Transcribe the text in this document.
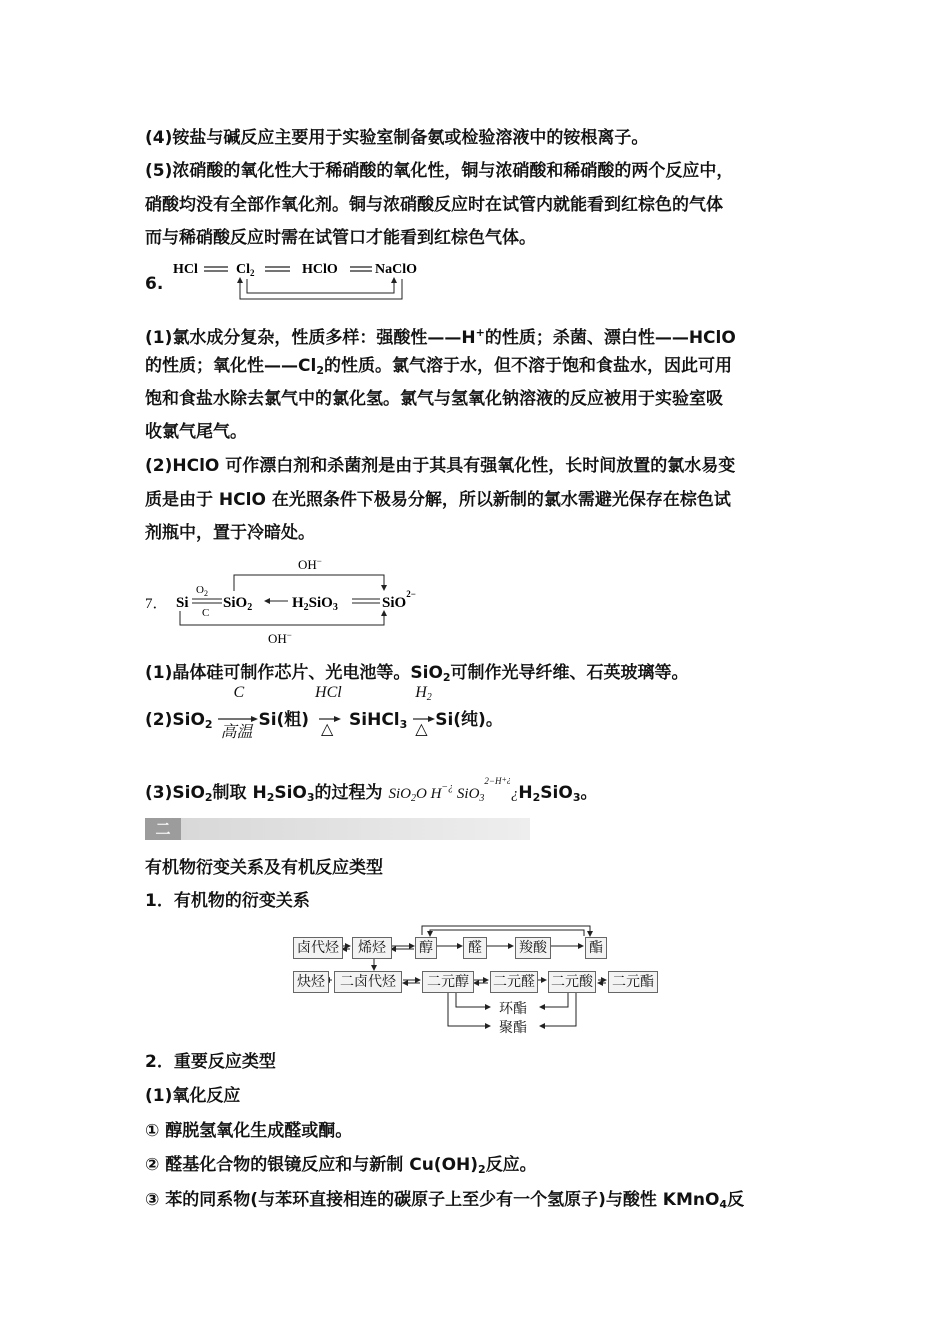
(4)铵盐与碱反应主要用于实验室制备氨或检验溶液中的铵根离子。
(5)浓硝酸的氧化性大于稀硝酸的氧化性，铜与浓硝酸和稀硝酸的两个反应中，
硝酸均没有全部作氧化剂。铜与浓硝酸反应时在试管内就能看到红棕色的气体
而与稀硝酸反应时需在试管口才能看到红棕色气体。
6.
HCl	$Cl_2$	HClO	NaClO
(1)氯水成分复杂，性质多样：强酸性——H+的性质；杀菌、漂白性——HClO
的性质；氧化性$——Cl_2$的性质。氯气溶于水，但不溶于饱和食盐水，因此可用
饱和食盐水除去氯气中的氯化氢。氯气与氢氧化钠溶液的反应被用于实验室吸
收氯气尾气。
(2)HClO 可作漂白剂和杀菌剂是由于其具有强氧化性，长时间放置的氯水易变
质是由于 HClO 在光照条件下极易分解，所以新制的氯水需避光保存在棕色试
剂瓶中，置于冷暗处。
7．
OH−
Si
$O_2$
C
SiO$_2$	$H_2SiO_3$	SiO$^{2-}$
OH−
(1)晶体硅可制作芯片、光电池等。SiO$_2$可制作光导纤维、石英玻璃等。
(2)SiO$_2$
C
高温
Si(粗)
HCl
△ SiHCl$_3$
H2
△ Si(纯)。
(3)SiO$_2$制取 $H_2SiO_3$的过程为 SiO$_2$O H−¿ $SiO_3^{2-H+¿}¿H_2SiO_3$。
二
有机物衍变关系及有机反应类型
1．有机物的衍变关系
卤代烃	烯烃	醇	醛	羧酸	酯
炔烃	二卤代烃	二元醇	二元醛 二元酸 二元酯
环酯
聚酯
2．重要反应类型
(1)氧化反应
① 醇脱氢氧化生成醛或酮。
② 醛基化合物的银镜反应和与新制 $Cu(OH)_2$反应。
③ 苯的同系物(与苯环直接相连的碳原子上至少有一个氢原子)与酸性 KMnO$_4$反
